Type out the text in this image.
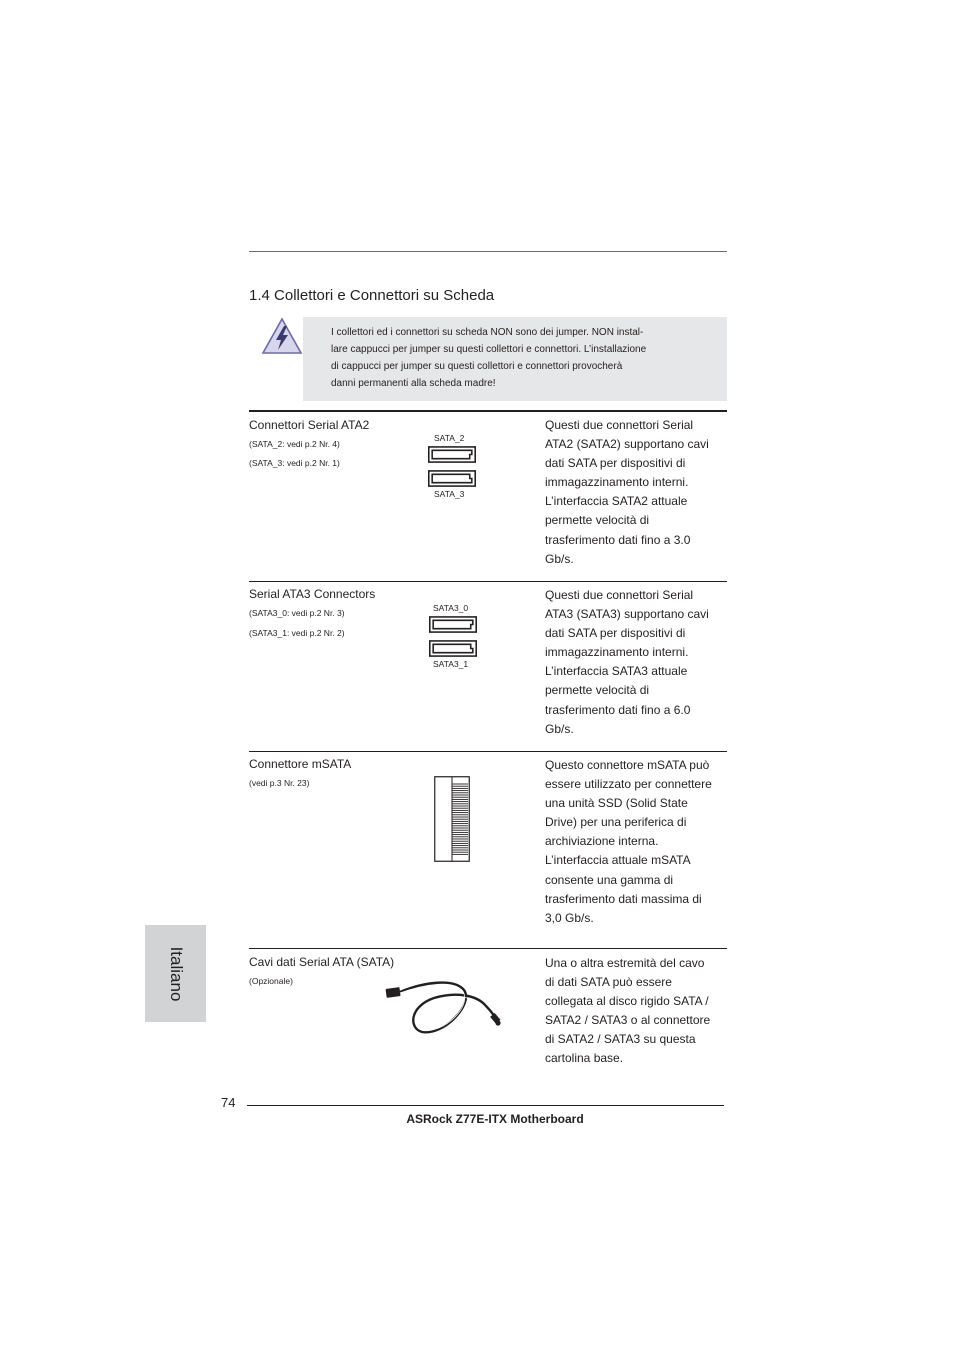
1.4 Collettori e Connettori su Scheda
I collettori ed i connettori su scheda NON sono dei jumper. NON instal-
lare cappucci per jumper su questi collettori e connettori. L’installazione
di cappucci per jumper su questi collettori e connettori provocherà
danni permanenti alla scheda madre!
Connettori Serial ATA2
(SATA_2: vedi p.2 Nr. 4)
(SATA_3: vedi p.2 Nr. 1)
SATA_2
SATA_3
Questi due connettori Serial
ATA2 (SATA2) supportano cavi
dati SATA per dispositivi di
immagazzinamento interni.
L’interfaccia SATA2 attuale
permette velocità di
trasferimento dati fino a 3.0
Gb/s.
Serial ATA3 Connectors
(SATA3_0: vedi p.2 Nr. 3)
(SATA3_1: vedi p.2 Nr. 2)
SATA3_0
SATA3_1
Questi due connettori Serial
ATA3 (SATA3) supportano cavi
dati SATA per dispositivi di
immagazzinamento interni.
L’interfaccia SATA3 attuale
permette velocità di
trasferimento dati fino a 6.0
Gb/s.
Connettore mSATA
(vedi p.3 Nr. 23)
Questo connettore mSATA può
essere utilizzato per connettere
una unità SSD (Solid State
Drive) per una periferica di
archiviazione interna.
L’interfaccia attuale mSATA
consente una gamma di
trasferimento dati massima di
3,0 Gb/s.
Cavi dati Serial ATA (SATA)
(Opzionale)
Una o altra estremità del cavo
di dati SATA può essere
collegata al disco rigido SATA /
SATA2 / SATA3 o al connettore
di SATA2 / SATA3 su questa
cartolina base.
Italiano
74
ASRock Z77E-ITX Motherboard
